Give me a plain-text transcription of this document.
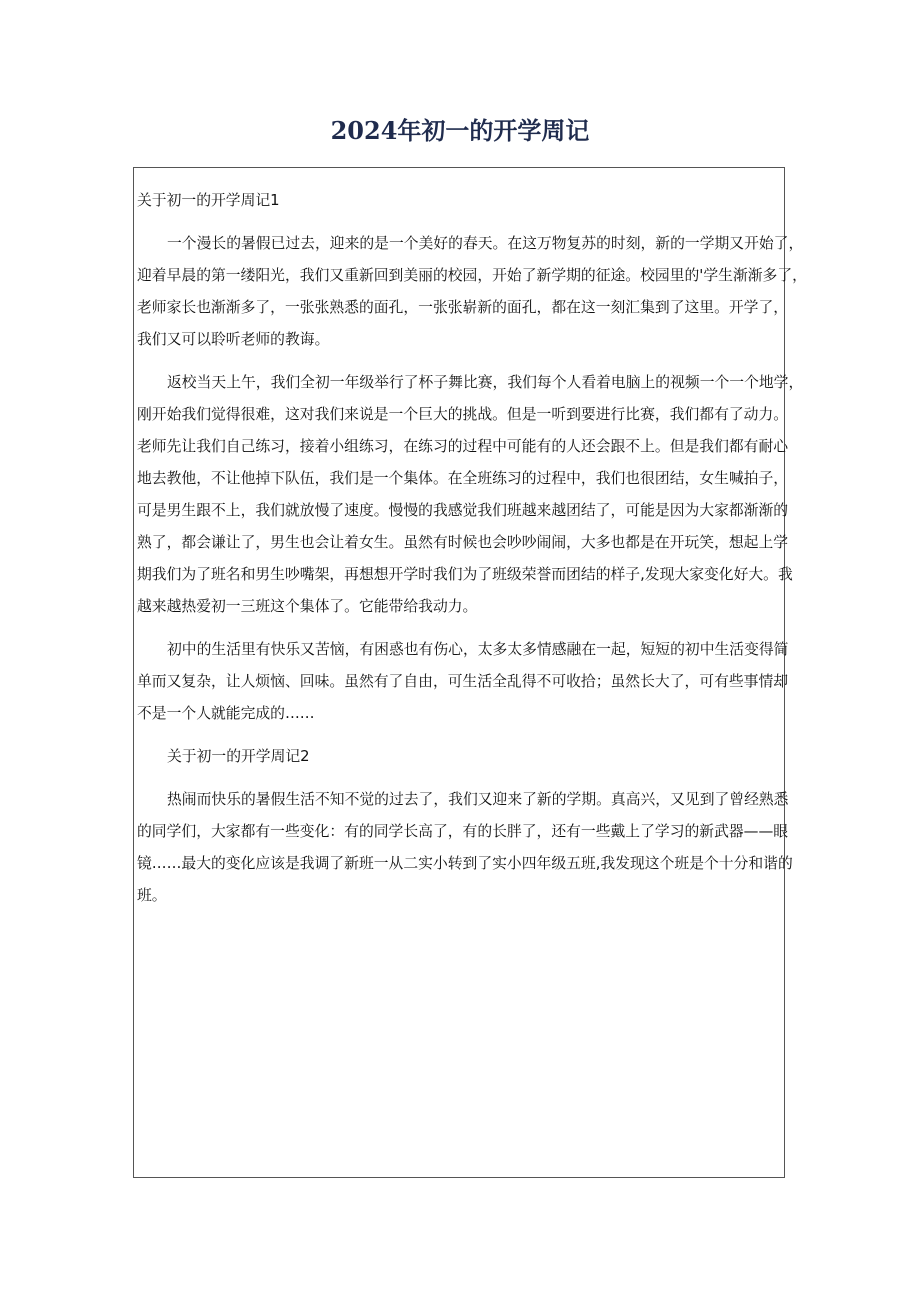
2024年初一的开学周记
关于初一的开学周记1
一个漫长的暑假已过去，迎来的是一个美好的春天。在这万物复苏的时刻，新的一学期又开始了，
迎着早晨的第一缕阳光，我们又重新回到美丽的校园，开始了新学期的征途。校园里的'学生渐渐多了，
老师家长也渐渐多了，一张张熟悉的面孔，一张张崭新的面孔，都在这一刻汇集到了这里。开学了，
我们又可以聆听老师的教诲。
返校当天上午，我们全初一年级举行了杯子舞比赛，我们每个人看着电脑上的视频一个一个地学，
刚开始我们觉得很难，这对我们来说是一个巨大的挑战。但是一听到要进行比赛，我们都有了动力。
老师先让我们自己练习，接着小组练习，在练习的过程中可能有的人还会跟不上。但是我们都有耐心
地去教他，不让他掉下队伍，我们是一个集体。在全班练习的过程中，我们也很团结，女生喊拍子，
可是男生跟不上，我们就放慢了速度。慢慢的我感觉我们班越来越团结了，可能是因为大家都渐渐的
熟了，都会谦让了，男生也会让着女生。虽然有时候也会吵吵闹闹，大多也都是在开玩笑，想起上学
期我们为了班名和男生吵嘴架，再想想开学时我们为了班级荣誉而团结的样子,发现大家变化好大。我
越来越热爱初一三班这个集体了。它能带给我动力。
初中的生活里有快乐又苦恼，有困惑也有伤心，太多太多情感融在一起，短短的初中生活变得简
单而又复杂，让人烦恼、回味。虽然有了自由，可生活全乱得不可收拾；虽然长大了，可有些事情却
不是一个人就能完成的……
关于初一的开学周记2
热闹而快乐的暑假生活不知不觉的过去了，我们又迎来了新的学期。真高兴，又见到了曾经熟悉
的同学们，大家都有一些变化：有的同学长高了，有的长胖了，还有一些戴上了学习的新武器——眼
镜……最大的变化应该是我调了新班一从二实小转到了实小四年级五班,我发现这个班是个十分和谐的
班。
